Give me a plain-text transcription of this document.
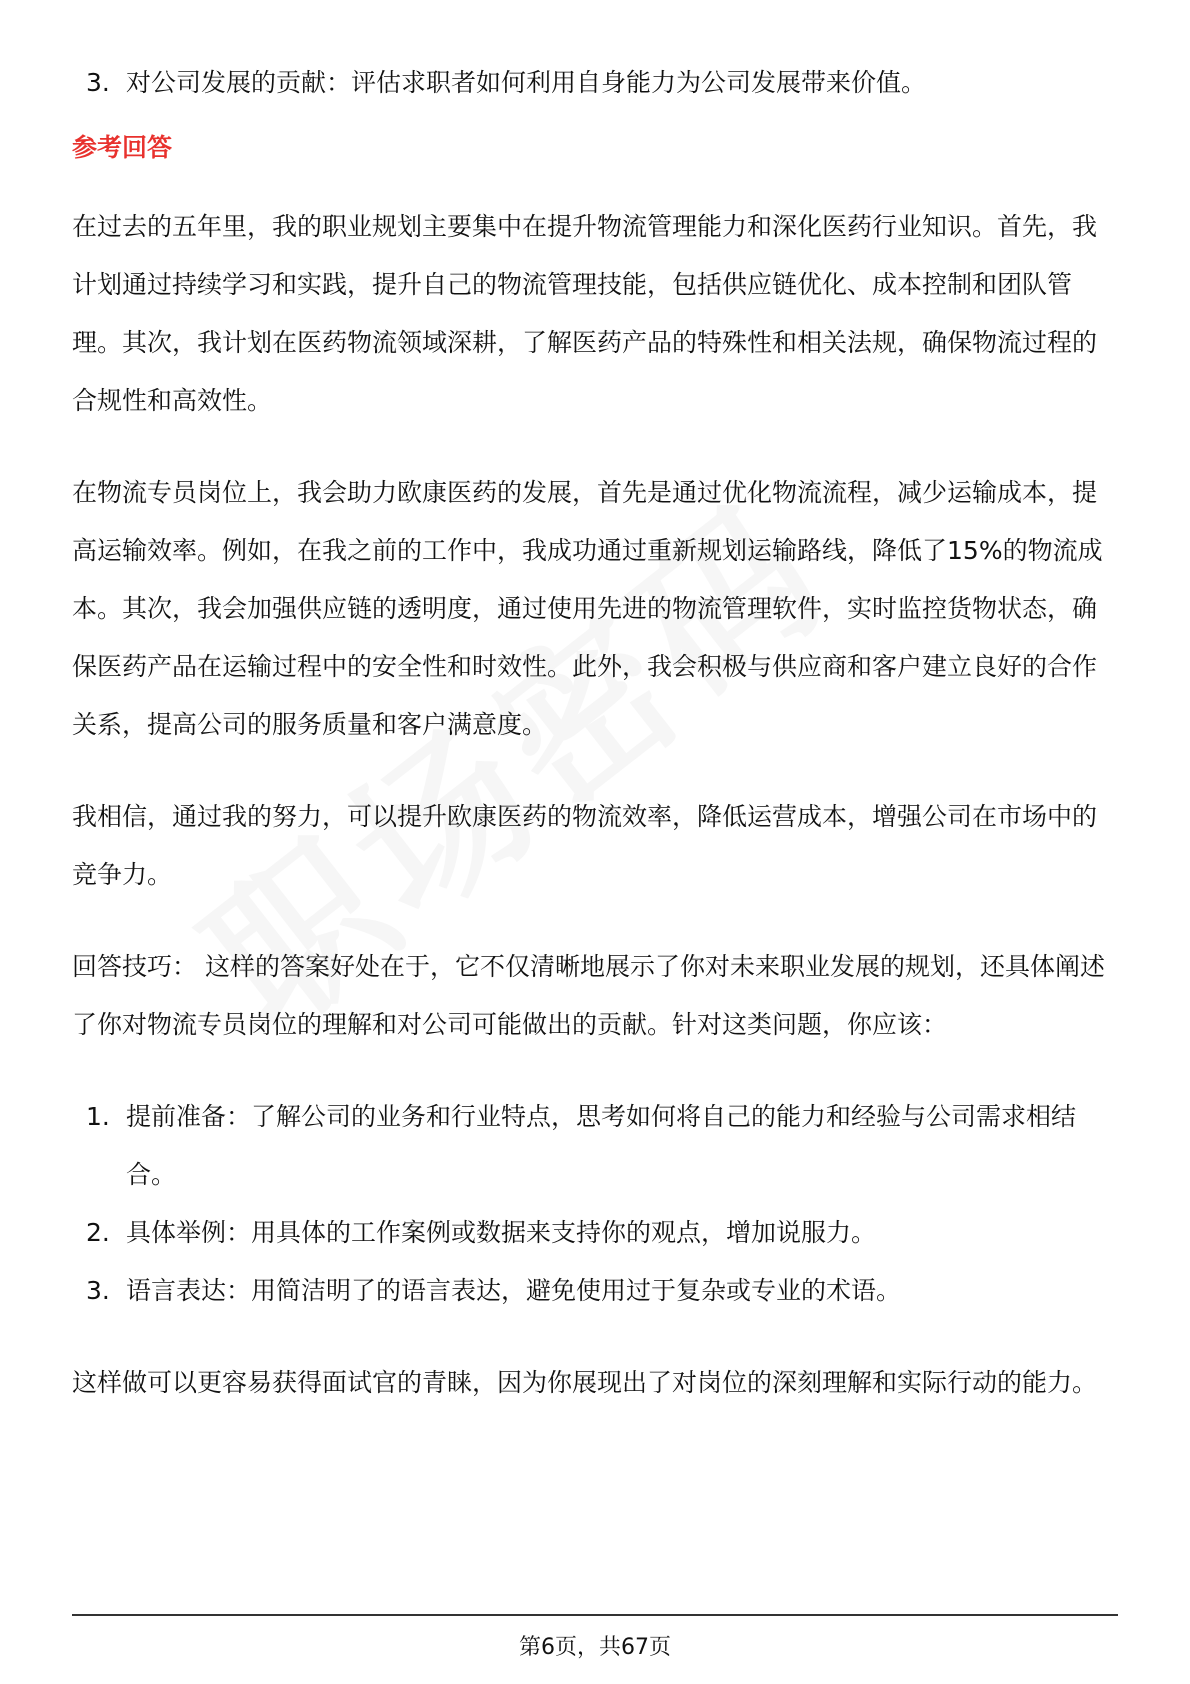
3. 对公司发展的贡献：评估求职者如何利用自身能力为公司发展带来价值。
参考回答

在过去的五年里，我的职业规划主要集中在提升物流管理能力和深化医药行业知识。首先，我计划通过持续学习和实践，提升自己的物流管理技能，包括供应链优化、成本控制和团队管理。其次，我计划在医药物流领域深耕，了解医药产品的特殊性和相关法规，确保物流过程的合规性和高效性。

在物流专员岗位上，我会助力欧康医药的发展，首先是通过优化物流流程，减少运输成本，提高运输效率。例如，在我之前的工作中，我成功通过重新规划运输路线，降低了15%的物流成本。其次，我会加强供应链的透明度，通过使用先进的物流管理软件，实时监控货物状态，确保医药产品在运输过程中的安全性和时效性。此外，我会积极与供应商和客户建立良好的合作关系，提高公司的服务质量和客户满意度。

我相信，通过我的努力，可以提升欧康医药的物流效率，降低运营成本，增强公司在市场中的竞争力。

回答技巧： 这样的答案好处在于，它不仅清晰地展示了你对未来职业发展的规划，还具体阐述了你对物流专员岗位的理解和对公司可能做出的贡献。针对这类问题，你应该：

1. 提前准备：了解公司的业务和行业特点，思考如何将自己的能力和经验与公司需求相结合。
2. 具体举例：用具体的工作案例或数据来支持你的观点，增加说服力。
3. 语言表达：用简洁明了的语言表达，避免使用过于复杂或专业的术语。

这样做可以更容易获得面试官的青睐，因为你展现出了对岗位的深刻理解和实际行动的能力。

第6页，共67页
